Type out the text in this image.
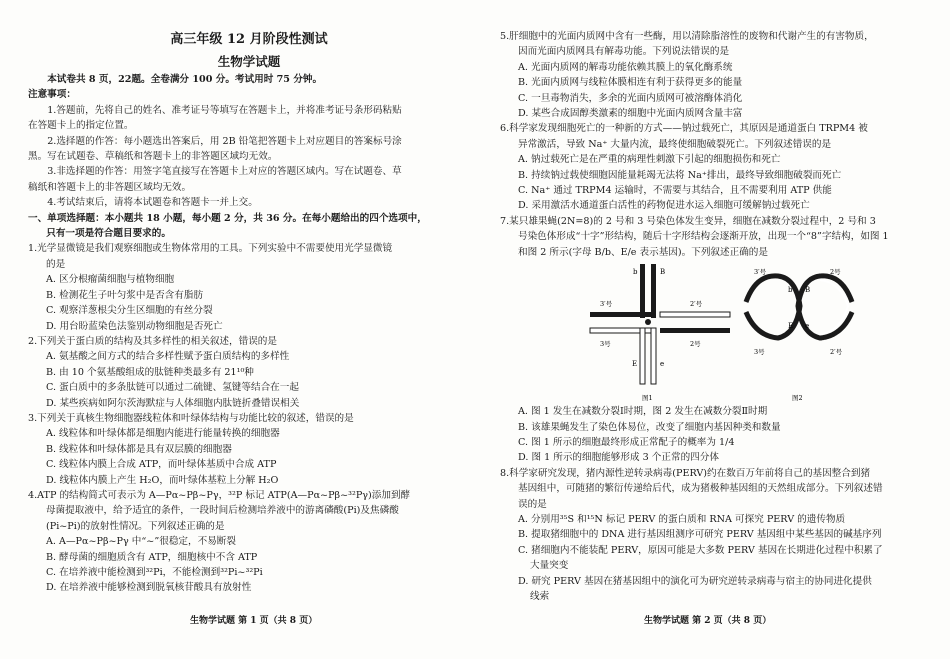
高三年级 12 月阶段性测试
生物学试题

本试卷共 8 页，22题。全卷满分 100 分。考试用时 75 分钟。

注意事项：

1.答题前，先将自己的姓名、准考证号等填写在答题卡上，并将准考证号条形码粘贴

在答题卡上的指定位置。

2.选择题的作答：每小题选出答案后，用 2B 铅笔把答题卡上对应题目的答案标号涂

黑。写在试题卷、草稿纸和答题卡上的非答题区域均无效。

3.非选择题的作答：用签字笔直接写在答题卡上对应的答题区域内。写在试题卷、草

稿纸和答题卡上的非答题区域均无效。

4.考试结束后，请将本试题卷和答题卡一并上交。

一、单项选择题：本小题共 18 小题，每小题 2 分，共 36 分。在每小题给出的四个选项中，

只有一项是符合题目要求的。

1.光学显微镜是我们观察细胞或生物体常用的工具。下列实验中不需要使用光学显微镜

的是

A. 区分根瘤菌细胞与植物细胞

B. 检测花生子叶匀浆中是否含有脂肪

C. 观察洋葱根尖分生区细胞的有丝分裂

D. 用台盼蓝染色法鉴别动物细胞是否死亡

2.下列关于蛋白质的结构及其多样性的相关叙述，错误的是

A. 氨基酸之间方式的结合多样性赋予蛋白质结构的多样性

B. 由 10 个氨基酸组成的肽链种类最多有 21¹⁰种

C. 蛋白质中的多条肽链可以通过二硫键、氢键等结合在一起

D. 某些疾病如阿尔茨海默症与人体细胞内肽链折叠错误相关

3.下列关于真核生物细胞器线粒体和叶绿体结构与功能比较的叙述，错误的是

A. 线粒体和叶绿体都是细胞内能进行能量转换的细胞器

B. 线粒体和叶绿体都是具有双层膜的细胞器

C. 线粒体内膜上合成 ATP，而叶绿体基质中合成 ATP

D. 线粒体内膜上产生 H₂O，而叶绿体基粒上分解 H₂O

4.ATP 的结构简式可表示为 A—Pα~Pβ~Pγ，³²P 标记 ATP(A—Pα~Pβ~³²Pγ)添加到酵

母菌提取液中，给予适宜的条件，一段时间后检测培养液中的游离磷酸(Pi)及焦磷酸

(Pi~Pi)的放射性情况。下列叙述正确的是

A. A—Pα~Pβ~Pγ 中“~”很稳定，不易断裂

B. 酵母菌的细胞质含有 ATP，细胞核中不含 ATP

C. 在培养液中能检测到³²Pi，不能检测到³²Pi~³²Pi

D. 在培养液中能够检测到脱氧核苷酸具有放射性

生物学试题 第 1 页（共 8 页）

5.肝细胞中的光面内质网中含有一些酶，用以清除脂溶性的废物和代谢产生的有害物质，

因而光面内质网具有解毒功能。下列说法错误的是

A. 光面内质网的解毒功能依赖其膜上的氧化酶系统

B. 光面内质网与线粒体膜相连有利于获得更多的能量

C. 一旦毒物消失，多余的光面内质网可被溶酶体消化

D. 某些合成固醇类激素的细胞中光面内质网含量丰富

6.科学家发现细胞死亡的一种新的方式——钠过载死亡，其原因是通道蛋白 TRPM4 被

异常激活，导致 Na⁺ 大量内流，最终使细胞破裂死亡。下列叙述错误的是

A. 钠过载死亡是在严重的病理性刺激下引起的细胞损伤和死亡

B. 持续钠过载使细胞因能量耗竭无法将 Na⁺排出，最终导致细胞破裂而死亡

C. Na⁺ 通过 TRPM4 运输时，不需要与其结合，且不需要利用 ATP 供能

D. 采用激活水通道蛋白活性的药物促进水运入细胞可缓解钠过载死亡

7.某只雄果蝇(2N=8)的 2 号和 3 号染色体发生变异，细胞在减数分裂过程中，2 号和 3

号染色体形成“十字”形结构，随后十字形结构会逐渐开放，出现一个“8”字结构，如图 1

和图 2 所示(字母 B/b、E/e 表示基因)。下列叙述正确的是

b	B
E	e
3′号	2′号
3号	2号
图1
3′号	2号
3号	2′号
b B
E e
图2

A. 图 1 发生在减数分裂Ⅰ时期，图 2 发生在减数分裂Ⅱ时期

B. 该雄果蝇发生了染色体易位，改变了细胞内基因种类和数量

C. 图 1 所示的细胞最终形成正常配子的概率为 1/4

D. 图 1 所示的细胞能够形成 3 个正常的四分体

8.科学家研究发现，猪内源性逆转录病毒(PERV)约在数百万年前将自己的基因整合到猪

基因组中，可随猪的繁衍传递给后代，成为猪极种基因组的天然组成部分。下列叙述错

误的是

A. 分别用³⁵S 和¹⁵N 标记 PERV 的蛋白质和 RNA 可探究 PERV 的遗传物质

B. 提取猪细胞中的 DNA 进行基因组测序可研究 PERV 基因组中某些基因的碱基序列

C. 猪细胞内不能装配 PERV，原因可能是大多数 PERV 基因在长期进化过程中积累了

大量突变

D. 研究 PERV 基因在猪基因组中的演化可为研究逆转录病毒与宿主的协同进化提供

线索

生物学试题 第 2 页（共 8 页）
